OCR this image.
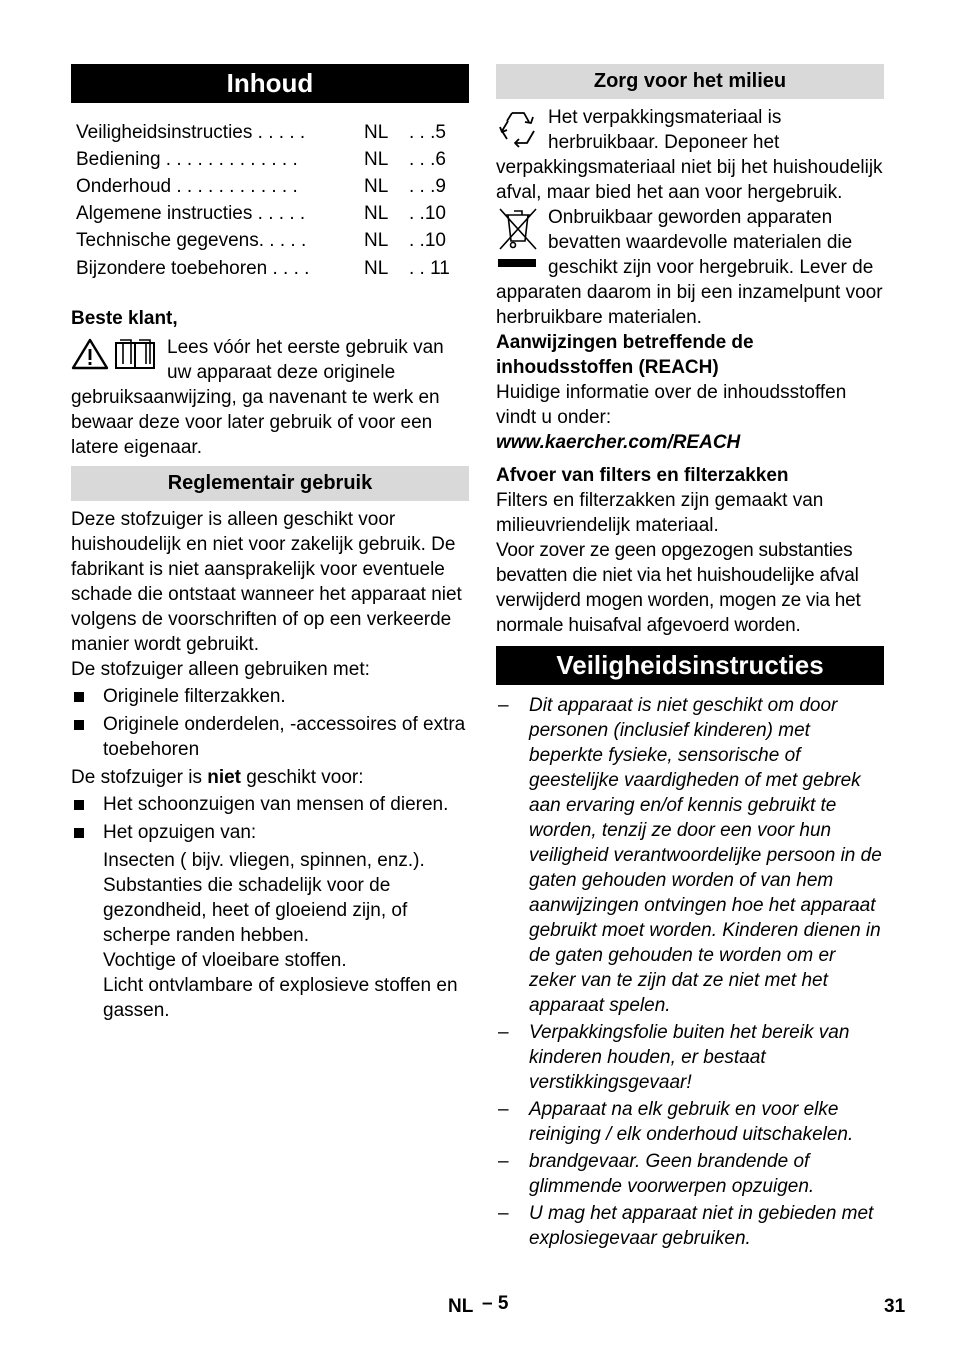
Inhoud
Veiligheidsinstructies . . . . .	NL	. . .5
Bediening . . . . . . . . . . . . .	NL	. . .6
Onderhoud . . . . . . . . . . . .	NL	. . .9
Algemene instructies . . . . .	NL	. .10
Technische gegevens. . . . .	NL	. .10
Bijzondere toebehoren . . . .	NL	. . 11

Beste klant,

Lees vóór het eerste gebruik van uw apparaat deze originele gebruiksaanwijzing, ga navenant te werk en bewaar deze voor later gebruik of voor een latere eigenaar.

Reglementair gebruik

Deze stofzuiger is alleen geschikt voor huishoudelijk en niet voor zakelijk gebruik. De fabrikant is niet aansprakelijk voor eventuele schade die ontstaat wanneer het apparaat niet volgens de voorschriften of op een verkeerde manier wordt gebruikt.

De stofzuiger alleen gebruiken met:

Originele filterzakken.
Originele onderdelen, -accessoires of extra toebehoren

De stofzuiger is niet geschikt voor:

Het schoonzuigen van mensen of dieren.
Het opzuigen van:

Insecten ( bijv. vliegen, spinnen, enz.).

Substanties die schadelijk voor de gezondheid, heet of gloeiend zijn, of scherpe randen hebben.

Vochtige of vloeibare stoffen.

Licht ontvlambare of explosieve stoffen en gassen.

Zorg voor het milieu

Het verpakkingsmateriaal is herbruikbaar. Deponeer het verpakkingsmateriaal niet bij het huishoudelijk afval, maar bied het aan voor hergebruik.

Onbruikbaar geworden apparaten bevatten waardevolle materialen die geschikt zijn voor hergebruik. Lever de apparaten daarom in bij een inzamelpunt voor herbruikbare materialen.

Aanwijzingen betreffende de inhoudsstoffen (REACH)

Huidige informatie over de inhoudsstoffen vindt u onder:

www.kaercher.com/REACH

Afvoer van filters en filterzakken

Filters en filterzakken zijn gemaakt van milieuvriendelijk materiaal.

Voor zover ze geen opgezogen substanties bevatten die niet via het huishoudelijke afval verwijderd mogen worden, mogen ze via het normale huisafval afgevoerd worden.

Veiligheidsinstructies
– Dit apparaat is niet geschikt om door personen (inclusief kinderen) met beperkte fysieke, sensorische of geestelijke vaardigheden of met gebrek aan ervaring en/of kennis gebruikt te worden, tenzij ze door een voor hun veiligheid verantwoordelijke persoon in de gaten gehouden worden of van hem aanwijzingen ontvingen hoe het apparaat gebruikt moet worden. Kinderen dienen in de gaten gehouden te worden om er zeker van te zijn dat ze niet met het apparaat spelen.
– Verpakkingsfolie buiten het bereik van kinderen houden, er bestaat verstikkingsgevaar!
– Apparaat na elk gebruik en voor elke reiniging / elk onderhoud uitschakelen.
– brandgevaar. Geen brandende of glimmende voorwerpen opzuigen.
– U mag het apparaat niet in gebieden met explosiegevaar gebruiken.
NL – 5	31
